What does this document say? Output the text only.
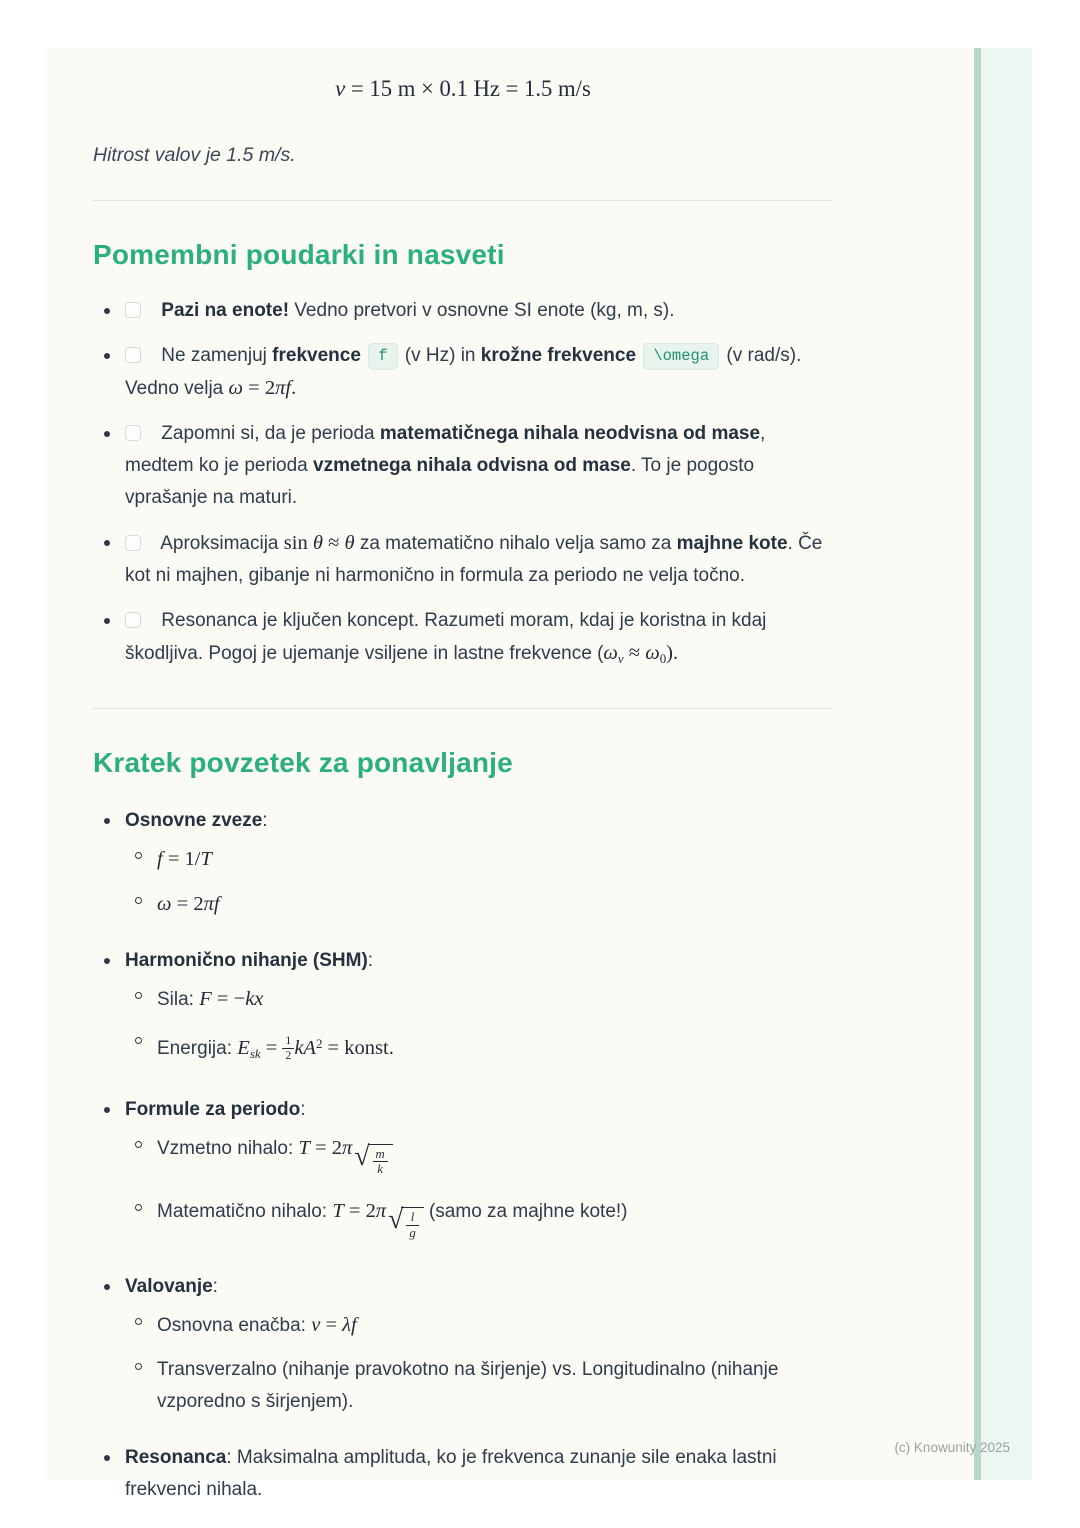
v = 15 m × 0.1 Hz = 1.5 m/s
Hitrost valov je 1.5 m/s.
Pomembni poudarki in nasveti
Pazi na enote! Vedno pretvori v osnovne SI enote (kg, m, s).
Ne zamenjuj frekvence f (v Hz) in krožne frekvence \omega (v rad/s). Vedno velja ω = 2πf.
Zapomni si, da je perioda matematičnega nihala neodvisna od mase, medtem ko je perioda vzmetnega nihala odvisna od mase. To je pogosto vprašanje na maturi.
Aproksimacija sin θ ≈ θ za matematično nihalo velja samo za majhne kote. Če kot ni majhen, gibanje ni harmonično in formula za periodo ne velja točno.
Resonanca je ključen koncept. Razumeti moram, kdaj je koristna in kdaj škodljiva. Pogoj je ujemanje vsiljene in lastne frekvence $(\omega_v \approx \omega_0)$.
Kratek povzetek za ponavljanje
Osnovne zveze:
f = 1/T
ω = 2πf
Harmonično nihanje (SHM):
Sila: F = −kx
Energija: $E_{sk} = \frac{1}{2} kA^2$ = konst.
Formule za periodo:
Vzmetno nihalo: T = 2π √ $\frac{m}{k}$
Matematično nihalo: T = 2π √ $\frac{l}{g}$ (samo za majhne kote!)
Valovanje:
Osnovna enačba: v = λf
Transverzalno (nihanje pravokotno na širjenje) vs. Longitudinalno (nihanje vzporedno s širjenjem).
Resonanca: Maksimalna amplituda, ko je frekvenca zunanje sile enaka lastni frekvenci nihala.
(c) Knowunity 2025
